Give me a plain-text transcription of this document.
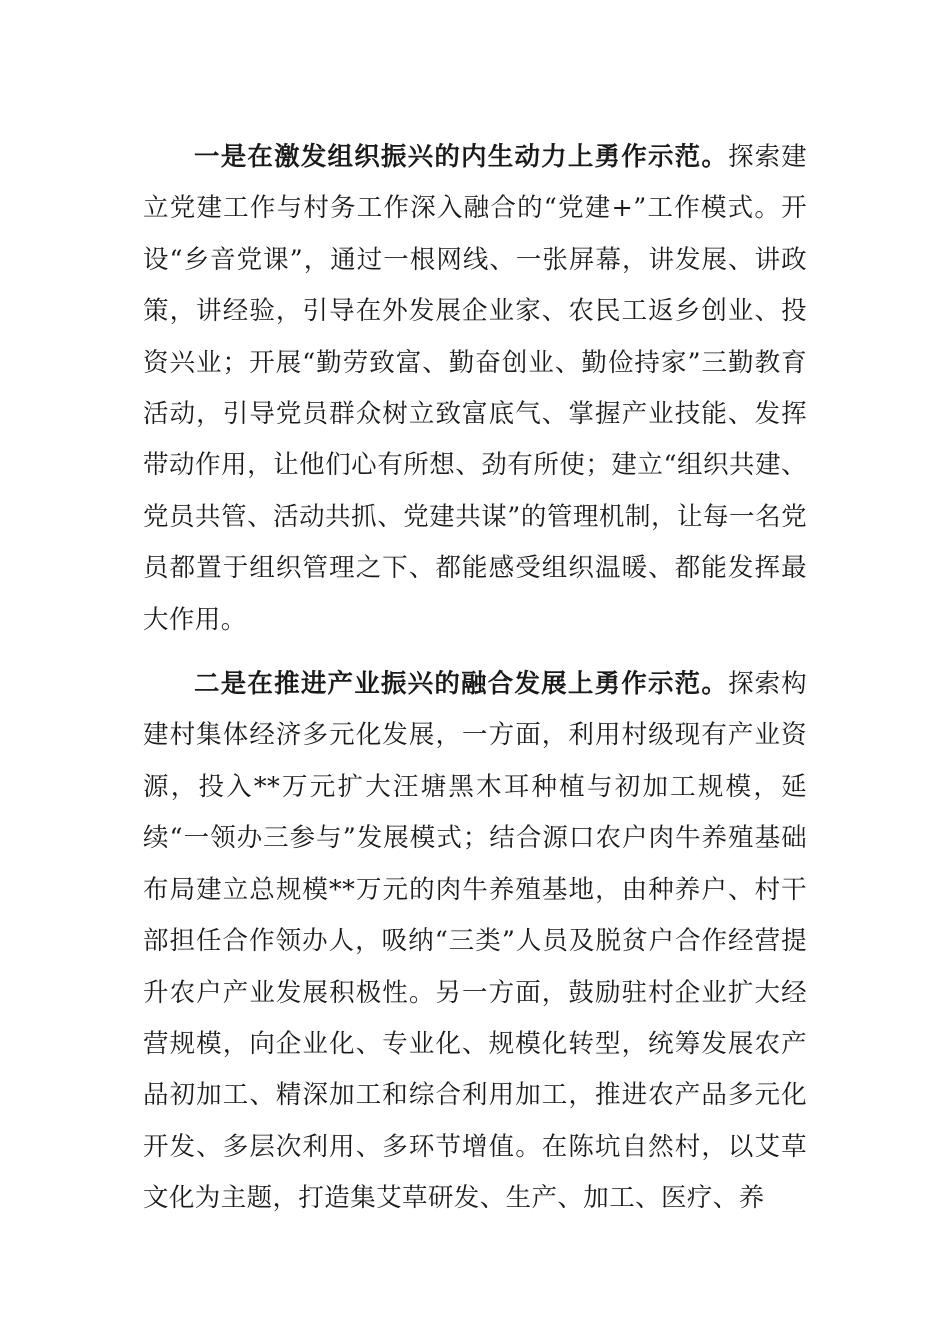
一是在激发组织振兴的内生动力上勇作示范。探索建立党建工作与村务工作深入融合的“党建+”工作模式。开设“乡音党课”，通过一根网线、一张屏幕，讲发展、讲政策，讲经验，引导在外发展企业家、农民工返乡创业、投资兴业；开展“勤劳致富、勤奋创业、勤俭持家”三勤教育活动，引导党员群众树立致富底气、掌握产业技能、发挥带动作用，让他们心有所想、劲有所使；建立“组织共建、党员共管、活动共抓、党建共谋”的管理机制，让每一名党员都置于组织管理之下、都能感受组织温暖、都能发挥最大作用。

二是在推进产业振兴的融合发展上勇作示范。探索构建村集体经济多元化发展，一方面，利用村级现有产业资源，投入**万元扩大汪塘黑木耳种植与初加工规模，延续“一领办三参与”发展模式；结合源口农户肉牛养殖基础布局建立总规模**万元的肉牛养殖基地，由种养户、村干部担任合作领办人，吸纳“三类”人员及脱贫户合作经营提升农户产业发展积极性。另一方面，鼓励驻村企业扩大经营规模，向企业化、专业化、规模化转型，统筹发展农产品初加工、精深加工和综合利用加工，推进农产品多元化开发、多层次利用、多环节增值。在陈坑自然村，以艾草文化为主题，打造集艾草研发、生产、加工、医疗、养
